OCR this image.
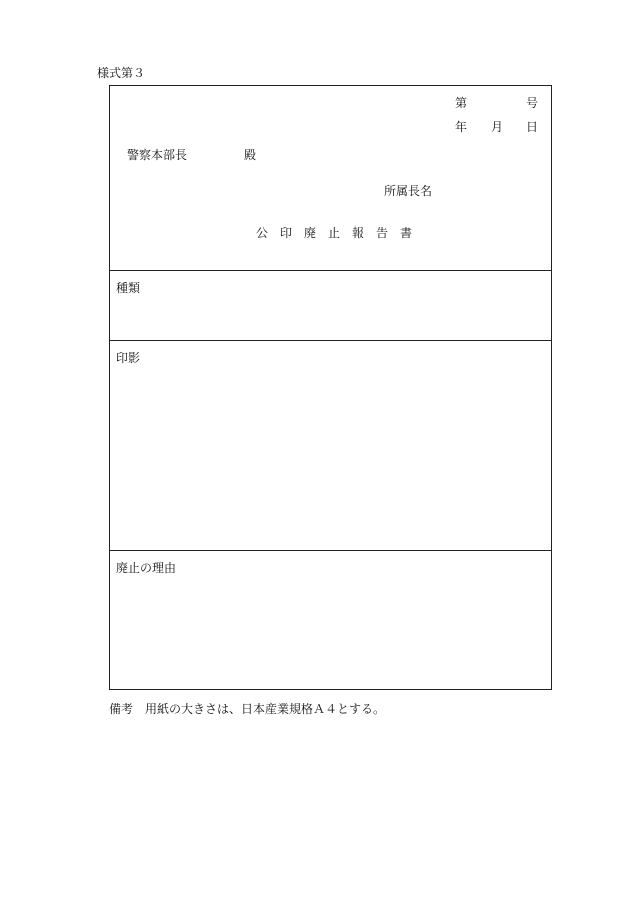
様式第３
第	号
年 月 日
警察本部長	殿
所属長名
公　印　廃　止　報　告　書
種類
印影
廃止の理由
備考　用紙の大きさは、日本産業規格Ａ４とする。
